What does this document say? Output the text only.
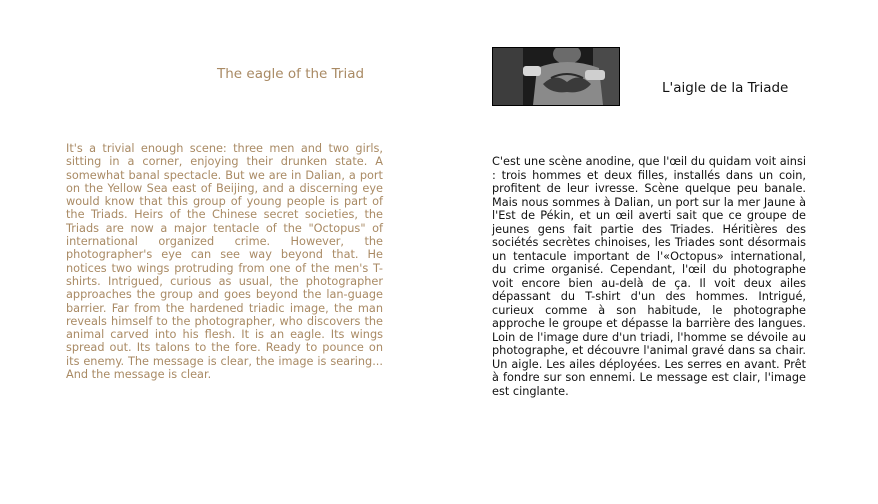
The eagle of the Triad
It's a trivial enough scene: three men and two girls, sitting in a corner, enjoying their drunken state. A somewhat banal spectacle. But we are in Dalian, a port on the Yellow Sea east of Beijing, and a discerning eye would know that this group of young people is part of the Triads. Heirs of the Chinese secret societies, the Triads are now a major tentacle of the "Octopus" of international organized crime. However, the photographer's eye can see way beyond that. He notices two wings protruding from one of the men's T-shirts. Intrigued, curious as usual, the photographer approaches the group and goes beyond the lan-guage barrier. Far from the hardened triadic image, the man reveals himself to the photographer, who discovers the animal carved into his flesh. It is an eagle. Its wings spread out. Its talons to the fore. Ready to pounce on its enemy. The message is clear, the image is searing... And the message is clear.
L'aigle de la Triade
C'est une scène anodine, que l'œil du quidam voit ainsi : trois hommes et deux filles, installés dans un coin, profitent de leur ivresse. Scène quelque peu banale. Mais nous sommes à Dalian, un port sur la mer Jaune à l'Est de Pékin, et un œil averti sait que ce groupe de jeunes gens fait partie des Triades. Héritières des sociétés secrètes chinoises, les Triades sont désormais un tentacule important de l'«Octopus» international, du crime organisé. Cependant, l'œil du photographe voit encore bien au-delà de ça. Il voit deux ailes dépassant du T-shirt d'un des hommes. Intrigué, curieux comme à son habitude, le photographe approche le groupe et dépasse la barrière des langues. Loin de l'image dure d'un triadi, l'homme se dévoile au photographe, et découvre l'animal gravé dans sa chair. Un aigle. Les ailes déployées. Les serres en avant. Prêt à fondre sur son ennemi. Le message est clair, l'image est cinglante.
